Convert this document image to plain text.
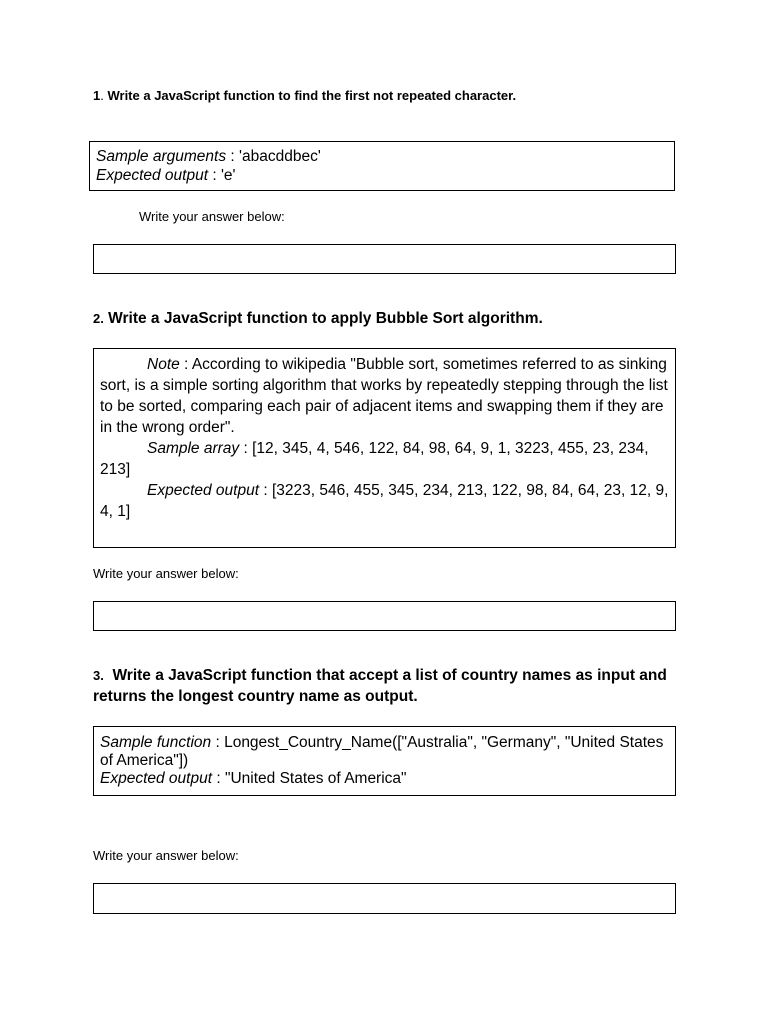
1. Write a JavaScript function to find the first not repeated character.

Sample arguments : 'abacddbec'

Expected output : 'e'

Write your answer below:

2. Write a JavaScript function to apply Bubble Sort algorithm.

Note : According to wikipedia "Bubble sort, sometimes referred to as sinking sort, is a simple sorting algorithm that works by repeatedly stepping through the list to be sorted, comparing each pair of adjacent items and swapping them if they are in the wrong order".

Sample array : [12, 345, 4, 546, 122, 84, 98, 64, 9, 1, 3223, 455, 23, 234, 213]

Expected output : [3223, 546, 455, 345, 234, 213, 122, 98, 84, 64, 23, 12, 9, 4, 1]

Write your answer below:

3.  Write a JavaScript function that accept a list of country names as input and returns the longest country name as output.

Sample function : Longest_Country_Name(["Australia", "Germany", "United States of America"])

Expected output : "United States of America"

Write your answer below:
